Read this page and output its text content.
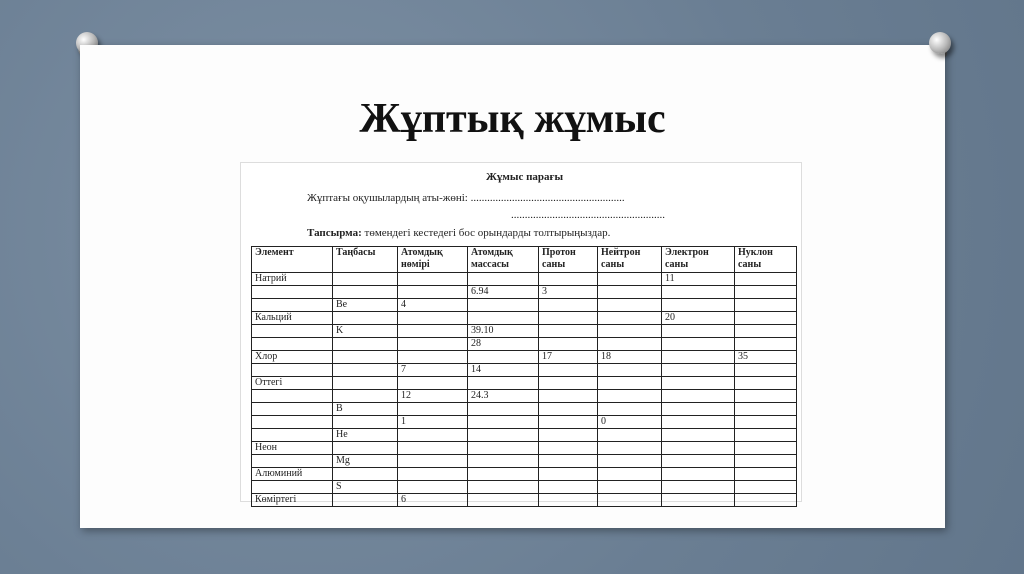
Жұптық жұмыс
Жұмыс парағы
Жұптағы оқушылардың аты-жөні: ........................................................
........................................................
Тапсырма: төмендегі кестедегі бос орындарды толтырыңыздар.
Элемент	Таңбасы	Атомдық нөмірі	Атомдық массасы	Протон саны	Нейтрон саны	Электрон саны	Нуклон саны
Натрий						11	
			6.94	3			
	Be	4					
Кальций						20	
	K		39.10				
			28				
Хлор				17	18		35
		7	14				
Оттегі							
		12	24.3				
	B						
		1			0		
	He						
Неон							
	Mg						
Алюминий							
	S						
Көміртегі		6					
